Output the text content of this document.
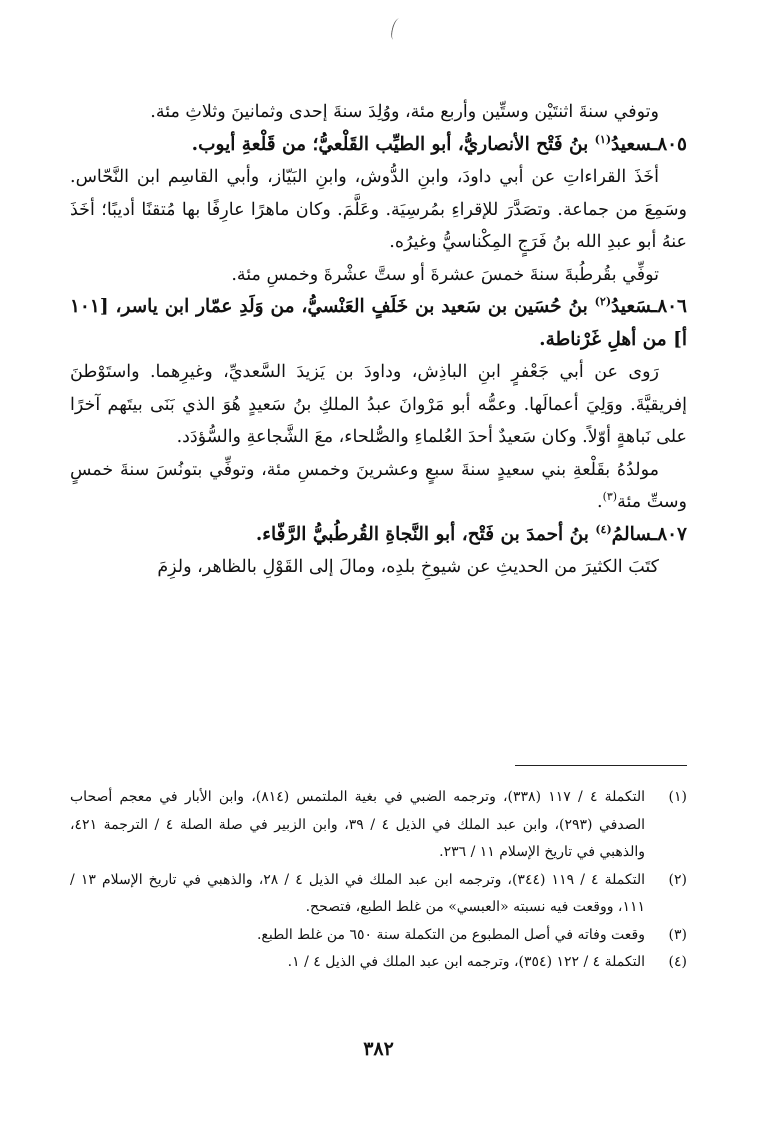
وتوفي سنةَ اثنتَيْن وستِّين وأربع مئة، ووُلِدَ سنةَ إحدى وثمانينَ وثلاثِ مئة.

٨٠٥ـسعيدُ$^{(١)}$ بنُ فَتْح الأنصاريُّ، أبو الطيِّب القَلْعيُّ؛ من قَلْعةِ أيوب.

أخَذَ القراءاتِ عن أبي داودَ، وابنِ الدُّوش، وابنِ البَيّاز، وأبي القاسِم ابن النَّحّاس. وسَمِعَ من جماعة. وتصَدَّرَ للإقراءِ بمُرسِيَة. وعَلَّمَ. وكان ماهرًا عارِفًا بها مُتقنًا أديبًا؛ أخَذَ عنهُ أبو عبدِ الله بنُ فَرَجٍ المِكْناسيُّ وغيرُه.

توفِّي بقُرطُبةَ سنةَ خمسَ عشرةَ أو ستَّ عشْرةَ وخمسِ مئة.

٨٠٦ـسَعيدُ$^{(٢)}$ بنُ حُسَين بن سَعيد بن خَلَفٍ العَنْسيُّ، من وَلَدِ عمّار ابن ياسر، [١٠١ أ] من أهلِ غَرْناطة.

رَوى عن أبي جَعْفرٍ ابنِ الباذِش، وداودَ بن يَزيدَ السَّعديِّ، وغيرِهما. واستَوْطنَ إفريقيَّةَ. ووَلِيَ أعمالَها. وعمُّه أبو مَرْوانَ عبدُ الملكِ بنُ سَعيدٍ هُوَ الذي بَنَى بيتَهم آخرًا على نَباهةٍ أوّلاً. وكان سَعيدٌ أحدَ العُلماءِ والصُّلحاء، معَ الشَّجاعةِ والسُّؤدَد.

مولدُهُ بقَلْعةِ بني سعيدٍ سنةَ سبعٍ وعشرينَ وخمسِ مئة، وتوفِّي بتونُسَ سنةَ خمسٍ وستِّ مئة$^{(٣)}$.

٨٠٧ـسالمُ$^{(٤)}$ بنُ أحمدَ بن فَتْح، أبو النَّجاةِ القُرطُبيُّ الرَّفّاء.

كتَبَ الكثيرَ من الحديثِ عن شيوخِ بلدِه، ومالَ إلى القَوْلِ بالظاهر، ولزِمَ

(١)
التكملة ٤ / ١١٧ (٣٣٨)، وترجمه الضبي في بغية الملتمس (٨١٤)، وابن الأبار في معجم أصحاب الصدفي (٢٩٣)، وابن عبد الملك في الذيل ٤ / ٣٩، وابن الزبير في صلة الصلة ٤ / الترجمة ٤٢١، والذهبي في تاريخ الإسلام ١١ / ٢٣٦.
(٢)
التكملة ٤ / ١١٩ (٣٤٤)، وترجمه ابن عبد الملك في الذيل ٤ / ٢٨، والذهبي في تاريخ الإسلام ١٣ / ١١١، ووقعت فيه نسبته «العبسي» من غلط الطبع، فتصحح.
(٣)
وقعت وفاته في أصل المطبوع من التكملة سنة ٦٥٠ من غلط الطبع.
(٤)
التكملة ٤ / ١٢٢ (٣٥٤)، وترجمه ابن عبد الملك في الذيل ٤ / ١.
٣٨٢
